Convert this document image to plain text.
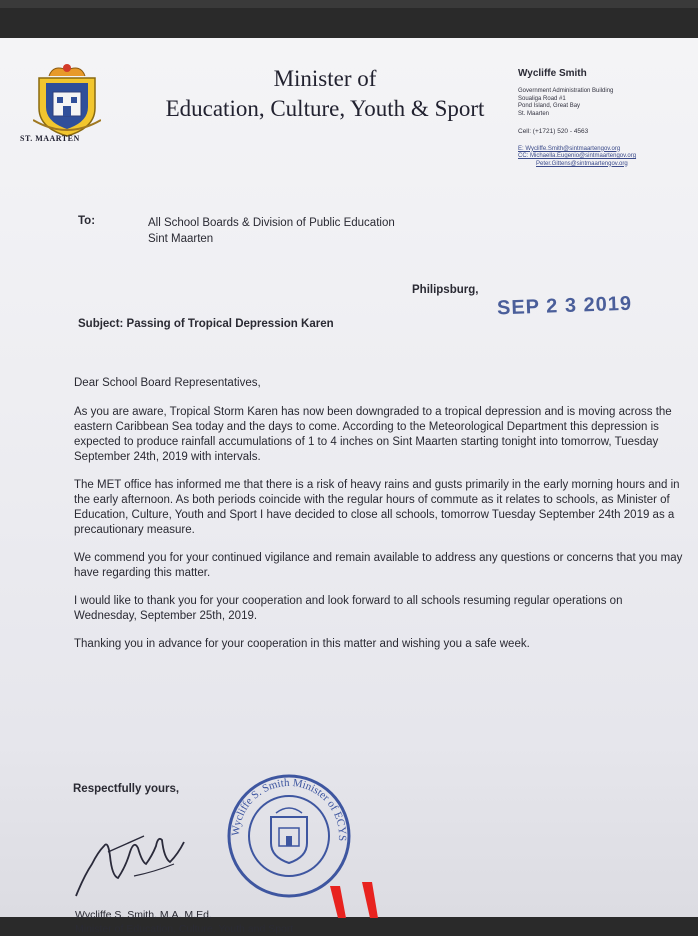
ST. MAARTEN
Minister of
Education, Culture, Youth & Sport
Wycliffe Smith
Government Administration Building
Soualiga Road #1
Pond Island, Great Bay
St. Maarten
Cell: (+1721) 520 - 4563
E: Wycliffe.Smith@sintmaartengov.org
CC: Michaella.Eugenio@sintmaartengov.org
Peter.Gittens@sintmaartengov.org
To:	All School Boards & Division of Public Education
Sint Maarten
Philipsburg,
SEP 2 3 2019
Subject: Passing of Tropical Depression Karen

Dear School Board Representatives,

As you are aware, Tropical Storm Karen has now been downgraded to a tropical depression and is moving across the eastern Caribbean Sea today and the days to come. According to the Meteorological Department this depression is expected to produce rainfall accumulations of 1 to 4 inches on Sint Maarten starting tonight into tomorrow, Tuesday September 24th, 2019 with intervals.

The MET office has informed me that there is a risk of heavy rains and gusts primarily in the early morning hours and in the early afternoon. As both periods coincide with the regular hours of commute as it relates to schools, as Minister of Education, Culture, Youth and Sport I have decided to close all schools, tomorrow Tuesday September 24th 2019 as a precautionary measure.

We commend you for your continued vigilance and remain available to address any questions or concerns that you may have regarding this matter.

I would like to thank you for your cooperation and look forward to all schools resuming regular operations on Wednesday, September 25th, 2019.

Thanking you in advance for your cooperation in this matter and wishing you a safe week.

Respectfully yours,
Wycliffe S. Smith Minister of ECYS
Wycliffe S. Smith, M.A. M.Ed.
Minister of Education, Culture, Youth and Sport
